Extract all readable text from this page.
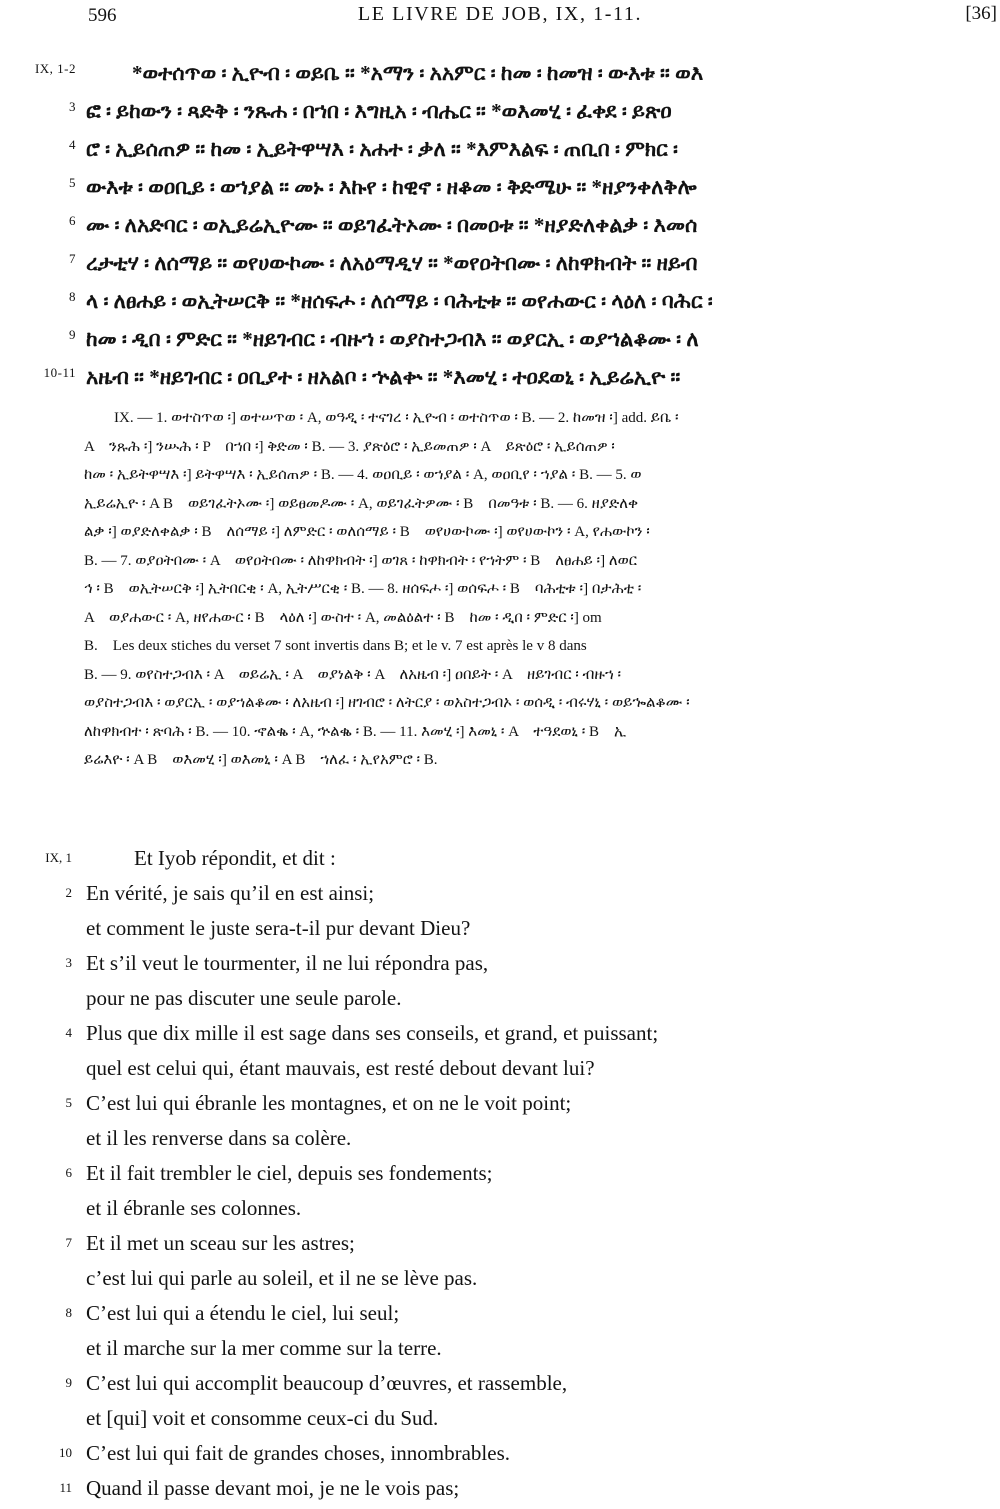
596	LE LIVRE DE JOB, IX, 1-11.	[36]
IX, 1-2	*ወተሰጥወ ፡ ኢዮብ ፡ ወይቤ ። *አማን ፡ አአምር ፡ ከመ ፡ ከመዝ ፡ ውእቱ ። ወእ
3 ፎ ፡ ይከውን ፡ ጻድቅ ፡ ንጹሐ ፡ በኀበ ፡ እግዚአ ፡ ብሔር ። *ወእመሂ ፡ ፈቀደ ፡ ይጽዐ
4 ሮ ፡ ኢይሰጠዎ ። ከመ ፡ ኢይትዋሣእ ፡ አሐተ ፡ ቃለ ። *እምእልፍ ፡ ጠቢበ ፡ ምክር ፡
5 ውእቱ ፡ ወዐቢይ ፡ ወኀያል ። መኑ ፡ እኩየ ፡ ከዊኖ ፡ ዘቆመ ፡ ቅድሜሁ ። *ዘያንቀለቅሎ
6 ሙ ፡ ለአድባር ፡ ወኢይሬኢዮሙ ። ወይገፈትኦሙ ፡ በመዐቱ ። *ዘያድለቀልቃ ፡ እመሰ
7 ረታቲሃ ፡ ለሰማይ ። ወየሀውኮሙ ፡ ለአዕማዲሃ ። *ወየዐትበሙ ፡ ለከዋክብት ። ዘይብ
8 ላ ፡ ለፀሐይ ፡ ወኢትሠርቅ ። *ዘሰፍሖ ፡ ለሰማይ ፡ ባሕቲቱ ። ወየሐውር ፡ ላዕለ ፡ ባሕር ፡
9 ከመ ፡ ዲበ ፡ ምድር ። *ዘይገብር ፡ ብዙኀ ፡ ወያስተጋብእ ። ወያርኢ ፡ ወያኀልቆሙ ፡ ለ
10-11 አዜብ ። *ዘይገብር ፡ ዐቢያተ ፡ ዘአልቦ ፡ ኍልቍ ። *እመሂ ፡ ተዐደወኒ ፡ ኢይሬኢዮ ።
IX. — 1. ወተስጥወ ፡] ወተሠጥወ ፡ A, ወዓዲ ፡ ተናገረ ፡ ኢዮብ ፡ ወተስጥወ ፡ B. — 2. ከመዝ ፡] add. ይቤ ፡
A    ንጹሕ ፡] ንሡሕ ፡ P    በኀበ ፡] ቅድመ ፡ B. — 3. ያጽዕሮ ፡ ኢይመጠዎ ፡ A    ይጽዕሮ ፡ ኢይሰጠዎ ፡
ከመ ፡ ኢይትዋሣእ ፡] ይትዋሣእ ፡ ኢይሰጠዎ ፡ B. — 4. ወዐቢይ ፡ ወኀያል ፡ A, ወዐቢየ ፡ ኀያል ፡ B. — 5. ወ
ኢይሬኢዮ ፡ A B    ወይገፈትኦሙ ፡] ወይፀመዶሙ ፡ A, ወይገፈትዎሙ ፡ B    በመዓቱ ፡ B. — 6. ዘያድለቀ
ልቃ ፡] ወያድለቀልቃ ፡ B    ለሰማይ ፡] ለምድር ፡ ወለሰማይ ፡ B    ወየሀውኮሙ ፡] ወየሀውኮን ፡ A, የሐውኮን ፡
B. — 7. ወያዐትበሙ ፡ A    ወየዐትበሙ ፡ ለከዋክብት ፡] ወገጸ ፡ ከዋክብት ፡ የኀትም ፡ B    ለፀሐይ ፡] ለወር
ኅ ፡ B    ወኢትሠርቅ ፡] ኢትበርቂ ፡ A, ኢትሥርቂ ፡ B. — 8. ዘሰፍሖ ፡] ወሰፍሖ ፡ B    ባሕቲቱ ፡] በታሕቲ ፡
A    ወያሐውር ፡ A, ዘየሐውር ፡ B    ላዕለ ፡] ውስተ ፡ A, መልዕልተ ፡ B    ከመ ፡ ዲበ ፡ ምድር ፡] om
B.    Les deux stiches du verset 7 sont invertis dans B; et le v. 7 est après le v 8 dans
B. — 9. ወየስተጋብእ ፡ A    ወይሬኢ ፡ A    ወያነልቅ ፡ A    ለአዜብ ፡] ዐበይት ፡ A    ዘይገብር ፡ ብዙኀ ፡
ወያስተጋብእ ፡ ወያርኢ ፡ ወያኀልቆሙ ፡ ለአዜብ ፡] ዘገብሮ ፡ ለትርያ ፡ ወአስተጋብኦ ፡ ወሰዲ ፡ ብሩሃኒ ፡ ወይኈልቆሙ ፡
ለከዋክብተ ፡ ጽባሕ ፡ B. — 10. ኆልቈ ፡ A, ኍልቈ ፡ B. — 11. እመሂ ፡] እመኒ ፡ A    ተዓደወኒ ፡ B    ኢ
ይሬእዮ ፡ A B    ወእመሂ ፡] ወእመኒ ፡ A B    ኀለፈ ፡ ኢየአምሮ ፡ B.
IX, 1	Et Iyob répondit, et dit :
2 En vérité, je sais qu’il en est ainsi;
et comment le juste sera-t-il pur devant Dieu?
3 Et s’il veut le tourmenter, il ne lui répondra pas,
pour ne pas discuter une seule parole.
4 Plus que dix mille il est sage dans ses conseils, et grand, et puissant;
quel est celui qui, étant mauvais, est resté debout devant lui?
5 C’est lui qui ébranle les montagnes, et on ne le voit point;
et il les renverse dans sa colère.
6 Et il fait trembler le ciel, depuis ses fondements;
et il ébranle ses colonnes.
7 Et il met un sceau sur les astres;
c’est lui qui parle au soleil, et il ne se lève pas.
8 C’est lui qui a étendu le ciel, lui seul;
et il marche sur la mer comme sur la terre.
9 C’est lui qui accomplit beaucoup d’œuvres, et rassemble,
et [qui] voit et consomme ceux-ci du Sud.
10 C’est lui qui fait de grandes choses, innombrables.
11 Quand il passe devant moi, je ne le vois pas;
